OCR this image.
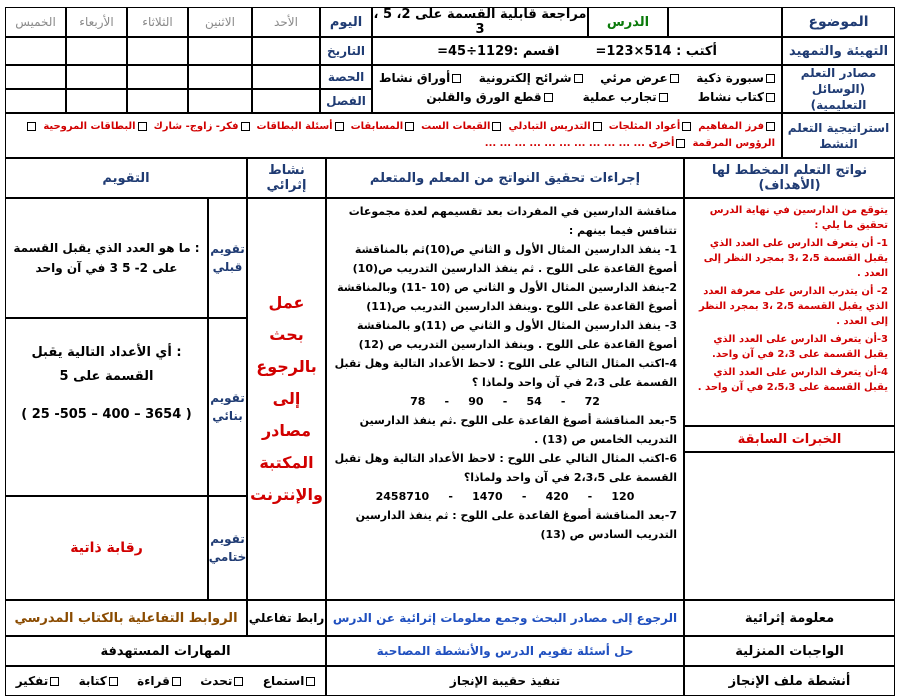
الموضوع
الدرس
مراجعة قابلية القسمة على 2، 5 ، 3
اليوم
الأحد
الاثنين
الثلاثاء
الأربعاء
الخميس
التهيئة والتمهيد
أكتب : 514×123=        اقسم :1129÷45=
التاريخ
مصادر التعلم (الوسائل التعليمية)
سبورة ذكية
عرض مرئي
شرائح إلكترونية
أوراق نشاط
كتاب نشاط
تجارب عملية
قطع الورق والقلبن
الحصة
الفصل
استراتيجية التعلم النشط
فرز المفاهيم  أعواد المثلجات  التدريس التبادلي  القبعات الست  المسابقات  أسئلة البطاقات  فكر- زاوج- شارك  البطاقات المروحية  الرؤوس المرقمة  أخرى ... ... ... ... ... ... ... ... ... ... ...
نواتج التعلم المخطط لها (الأهداف)
إجراءات تحقيق النواتج من المعلم والمتعلم
نشاط إثرائي
التقويم
يتوقع من الدارسين في نهاية الدرس تحقيق ما يلي :
1- أن يتعرف الدارس على العدد الذي يقبل القسمة 2،5 ،3 بمجرد النظر إلى العدد .
2- أن يتدرب الدارس على معرفة العدد الذي يقبل القسمة 2،5 ،3 بمجرد النظر إلى العدد .
3-أن يتعرف الدارس على العدد الذي يقبل القسمة على 2،3 في آن واحد.
4-أن يتعرف الدارس على العدد الذي يقبل القسمة على 2،5،3 في آن واحد .
الخبرات السابقة

مناقشة الدارسين في المفردات بعد تقسيمهم لعدة مجموعات تتنافس فيما بينهم :

1- ينفذ الدارسين المثال الأول و الثاني ص(10)ثم بالمناقشة أصوغ القاعدة على اللوح . ثم ينفذ الدارسين التدريب ص(10)

2-ينفذ الدارسين المثال الأول و الثاني ص (10 -11) وبالمناقشة أصوغ القاعدة على اللوح .وينفذ الدارسين التدريب ص(11)

3- ينفذ الدارسين المثال الأول و الثاني ص (11)و بالمناقشة أصوغ القاعدة على اللوح . وينفذ الدارسين التدريب ص (12)

4-اكتب المثال التالي على اللوح : لاحظ الأعداد التالية وهل تقبل القسمة على 2،3 في آن واحد ولماذا ؟

72     -     54     -     90     -     78

5-بعد المناقشة أصوغ القاعدة على اللوح .ثم ينفذ الدارسين التدريب الخامس ص (13) .

6-اكتب المثال التالي على اللوح : لاحظ الأعداد التالية وهل تقبل القسمة على 2،3،5 في آن واحد ولماذا؟

120     -     420     -     1470     -     2458710

7-بعد المناقشة أصوغ القاعدة على اللوح : ثم ينفذ الدارسين التدريب السادس ص (13)

عمل بحث بالرجوع إلى مصادر المكتبة والإنترنت
تقويم قبلي
: ما هو العدد الذي يقبل القسمة على 2- 5 3 في آن واحد
تقويم بنائي
: أي الأعداد التالية يقبل القسمة على 5
( 25 -505 – 400 – 3654 )
تقويم ختامي
رقابة ذاتية
معلومة إثرائية
الرجوع إلى مصادر البحث وجمع معلومات إثرائية عن الدرس
رابط تفاعلي
الروابط التفاعلية بالكتاب المدرسي
الواجبات المنزلية
حل أسئلة تقويم الدرس والأنشطة المصاحبة
المهارات المستهدفة
أنشطة ملف الإنجاز
تنفيذ حقيبة الإنجاز
استماع
تحدث
قراءة
كتابة
تفكير
